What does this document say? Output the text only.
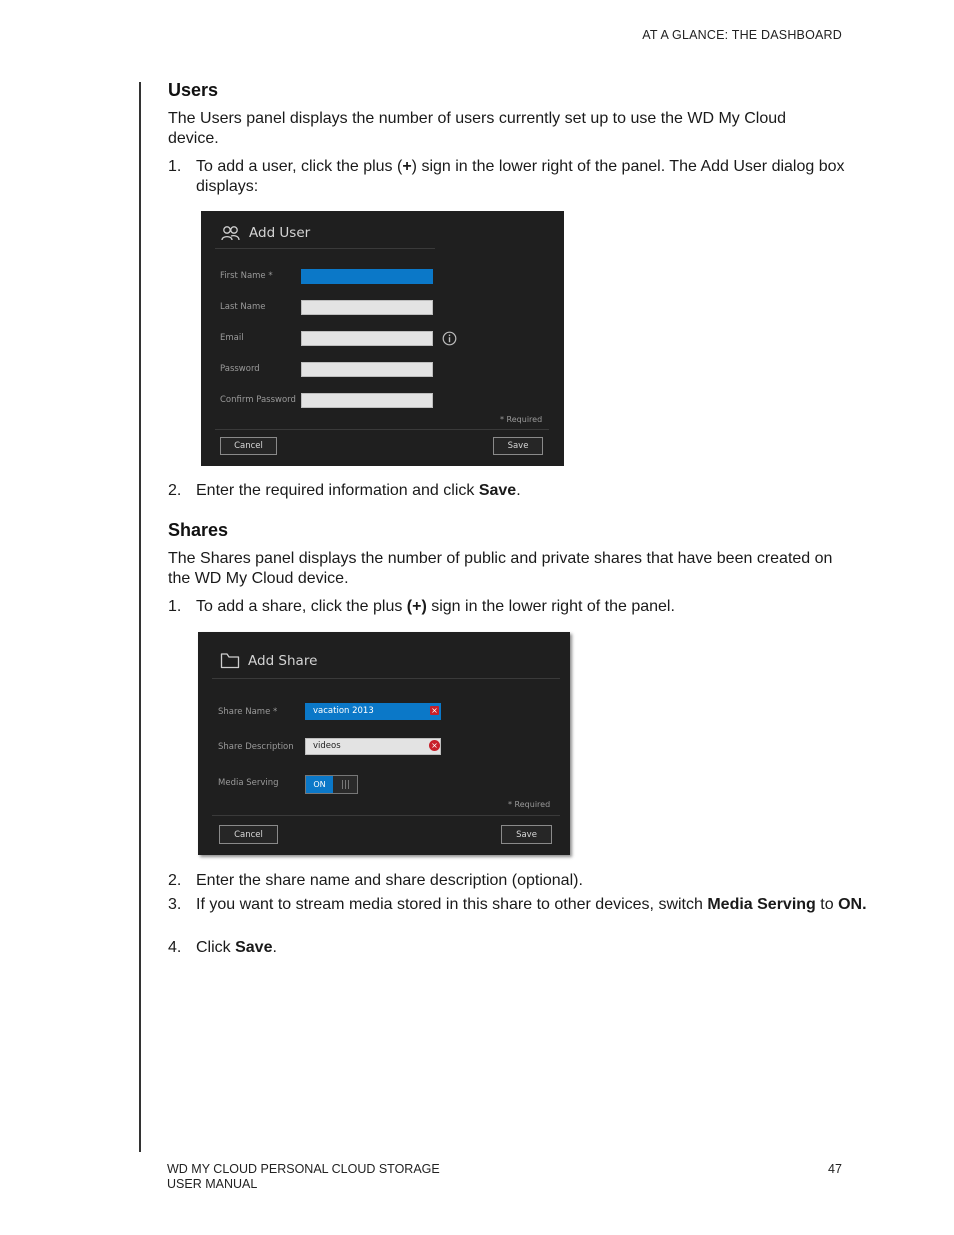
AT A GLANCE: THE DASHBOARD
Users

The Users panel displays the number of users currently set up to use the WD My Cloud device.

1. To add a user, click the plus (+) sign in the lower right of the panel. The Add User dialog box displays:
2. Enter the required information and click Save.
Shares

The Shares panel displays the number of public and private shares that have been created on the WD My Cloud device.

1. To add a share, click the plus (+) sign in the lower right of the panel.
2. Enter the share name and share description (optional).
3. If you want to stream media stored in this share to other devices, switch Media Serving to ON.
4. Click Save.
Add User
First Name *
Last Name
Email
Password
Confirm Password
* Required
Cancel	Save
Add Share
Share Name *	vacation 2013	×
Share Description	videos	×
Media Serving	ON
* Required
Cancel	Save
WD MY CLOUD PERSONAL CLOUD STORAGE
USER MANUAL
47
